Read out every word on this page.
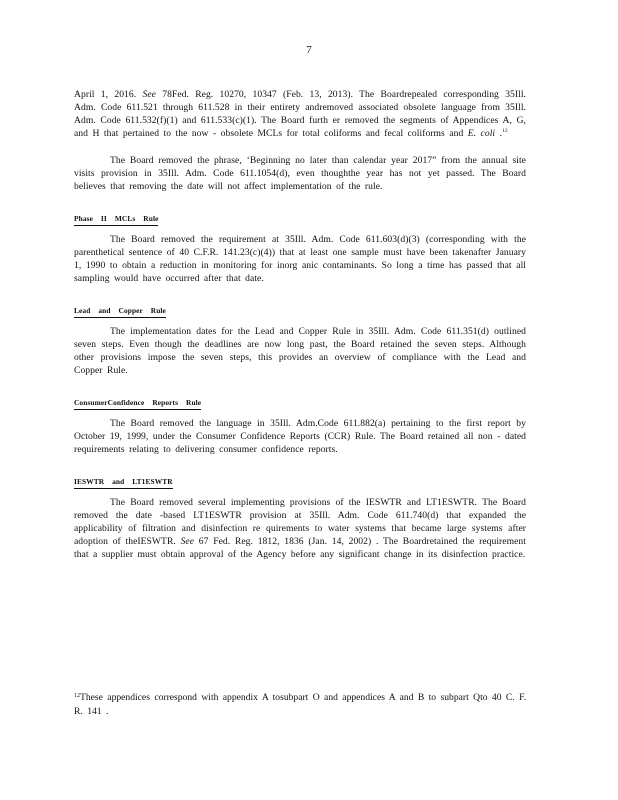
7

April 1, 2016. See 78Fed. Reg. 10270, 10347 (Feb. 13, 2013). The Boardrepealed corresponding 35Ill. Adm. Code 611.521 through 611.528 in their entirety andremoved associated obsolete language from 35Ill. Adm. Code 611.532(f)(1) and 611.533(c)(1). The Board furth er removed the segments of Appendices A, G, and H that pertained to the now - obsolete MCLs for total coliforms and fecal coliforms and E. coli .$^{12}$

The Board removed the phrase, ‘Beginning no later than calendar year 2017” from the annual site visits provision in 35Ill. Adm. Code 611.1054(d), even thoughthe year has not yet passed. The Board believes that removing the date will not affect implementation of the rule.

Phase II MCLs Rule

The Board removed the requirement at 35Ill. Adm. Code 611.603(d)(3) (corresponding with the parenthetical sentence of 40 C.F.R. 141.23(c)(4)) that at least one sample must have been takenafter January 1, 1990 to obtain a reduction in monitoring for inorg anic contaminants. So long a time has passed that all sampling would have occurred after that date.

Lead and Copper Rule

The implementation dates for the Lead and Copper Rule in 35Ill. Adm. Code 611.351(d) outlined seven steps. Even though the deadlines are now long past, the Board retained the seven steps. Although other provisions impose the seven steps, this provides an overview of compliance with the Lead and Copper Rule.

ConsumerConfidence Reports Rule

The Board removed the language in 35Ill. Adm.Code 611.882(a) pertaining to the first report by October 19, 1999, under the Consumer Confidence Reports (CCR) Rule. The Board retained all non - dated requirements relating to delivering consumer confidence reports.

IESWTR and LT1ESWTR

The Board removed several implementing provisions of the IESWTR and LT1ESWTR. The Board removed the date -based LT1ESWTR provision at 35Ill. Adm. Code 611.740(d) that expanded the applicability of filtration and disinfection re quirements to water systems that became large systems after adoption of theIESWTR. See 67 Fed. Reg. 1812, 1836 (Jan. 14, 2002) . The Boardretained the requirement that a supplier must obtain approval of the Agency before any significant change in its disinfection practice.

$^{12}$These appendices correspond with appendix A tosubpart O and appendices A and B to subpart Qto 40 C. F. R. 141 .
